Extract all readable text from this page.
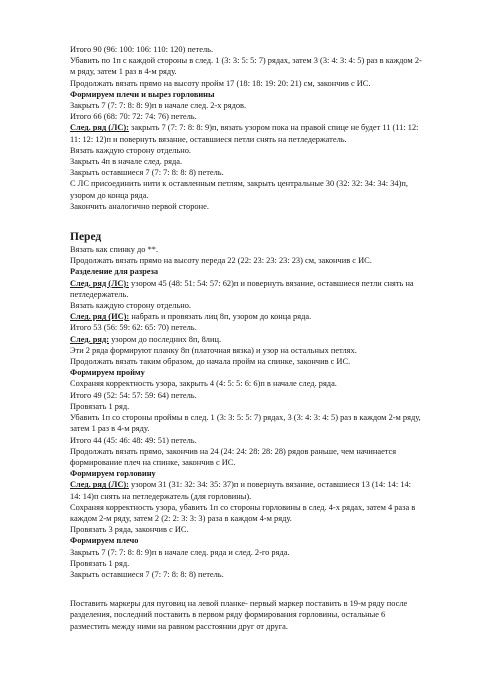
Итого 90 (96: 100: 106: 110: 120) петель.

Убавить по 1п с каждой стороны в след. 1 (3: 3: 5: 5: 7) рядах, затем 3 (3: 4: 3: 4: 5) раз в каждом 2-м ряду, затем 1 раз в 4-м ряду.

Продолжать вязать прямо на высоту пройм 17 (18: 18: 19: 20: 21) см, закончив с ИС.

Формируем плечи и вырез горловины

Закрыть 7 (7: 7: 8: 8: 9)п в начале след. 2-х рядов.

Итого 66 (68: 70: 72: 74: 76) петель.

След. ряд (ЛС): закрыть 7 (7: 7: 8: 8: 9)п, вязать узором пока на правой спице не будет 11 (11: 12: 11: 12: 12)п и повернуть вязание, оставшиеся петли снять на петледержатель.

Вязать каждую сторону отдельно.

Закрыть 4п в начале след. ряда.

Закрыть оставшиеся 7 (7: 7: 8: 8: 8) петель.

С ЛС присоединить нити к оставленным петлям, закрыть центральные 30 (32: 32: 34: 34: 34)п, узором до конца ряда.

Закончить аналогично первой стороне.

Перед

Вязать как спинку до **.

Продолжать вязать прямо на высоту переда 22 (22: 23: 23: 23: 23) см, закончив с ИС.

Разделение для разреза

След. ряд (ЛС): узором 45 (48: 51: 54: 57: 62)п и повернуть вязание, оставшиеся петли снять на петледержатель.

Вязать каждую сторону отдельно.

След. ряд (ИС): набрать и провязать лиц 8п, узором до конца ряда.

Итого 53 (56: 59: 62: 65: 70) петель.

След. ряд: узором до последних 8п, 8лиц.

Эти 2 ряда формируют планку 8п (платочная вязка) и узор на остальных петлях.

Продолжать вязать таким образом, до начала пройм на спинке, закончив с ИС.

Формируем пройму

Сохраняя корректность узора, закрыть 4 (4: 5: 5: 6: 6)п в начале след. ряда.

Итого 49 (52: 54: 57: 59: 64) петель.

Провязать 1 ряд.

Убавить 1п со стороны проймы в след. 1 (3: 3: 5: 5: 7) рядах, 3 (3: 4: 3: 4: 5) раз в каждом 2-м ряду, затем 1 раз в 4-м ряду.

Итого 44 (45: 46: 48: 49: 51) петель.

Продолжать вязать прямо, закончив на 24 (24: 24: 28: 28: 28) рядов раньше, чем начинается формирование плеч на спинке, закончив с ИС.

Формируем горловину

След. ряд (ЛС): узором 31 (31: 32: 34: 35: 37)п и повернуть вязание, оставшиеся 13 (14: 14: 14: 14: 14)п снять на петледержатель (для горловины).

Сохраняя корректность узора, убавить 1п со стороны горловины в след. 4-х рядах, затем 4 раза в каждом 2-м ряду, затем 2 (2: 2: 3: 3: 3) раза в каждом 4-м ряду.

Провязать 3 ряда, закончив с ИС.

Формируем плечо

Закрыть 7 (7: 7: 8: 8: 9)п в начале след. ряда и след. 2-го ряда.

Провязать 1 ряд.

Закрыть оставшиеся 7 (7: 7: 8: 8: 8) петель.

Поставить маркеры для пуговиц на левой планке- первый маркер поставить в 19-м ряду после разделения, последний поставить в первом ряду формирования горловины, остальные 6 разместить между ними на равном расстоянии друг от друга.
